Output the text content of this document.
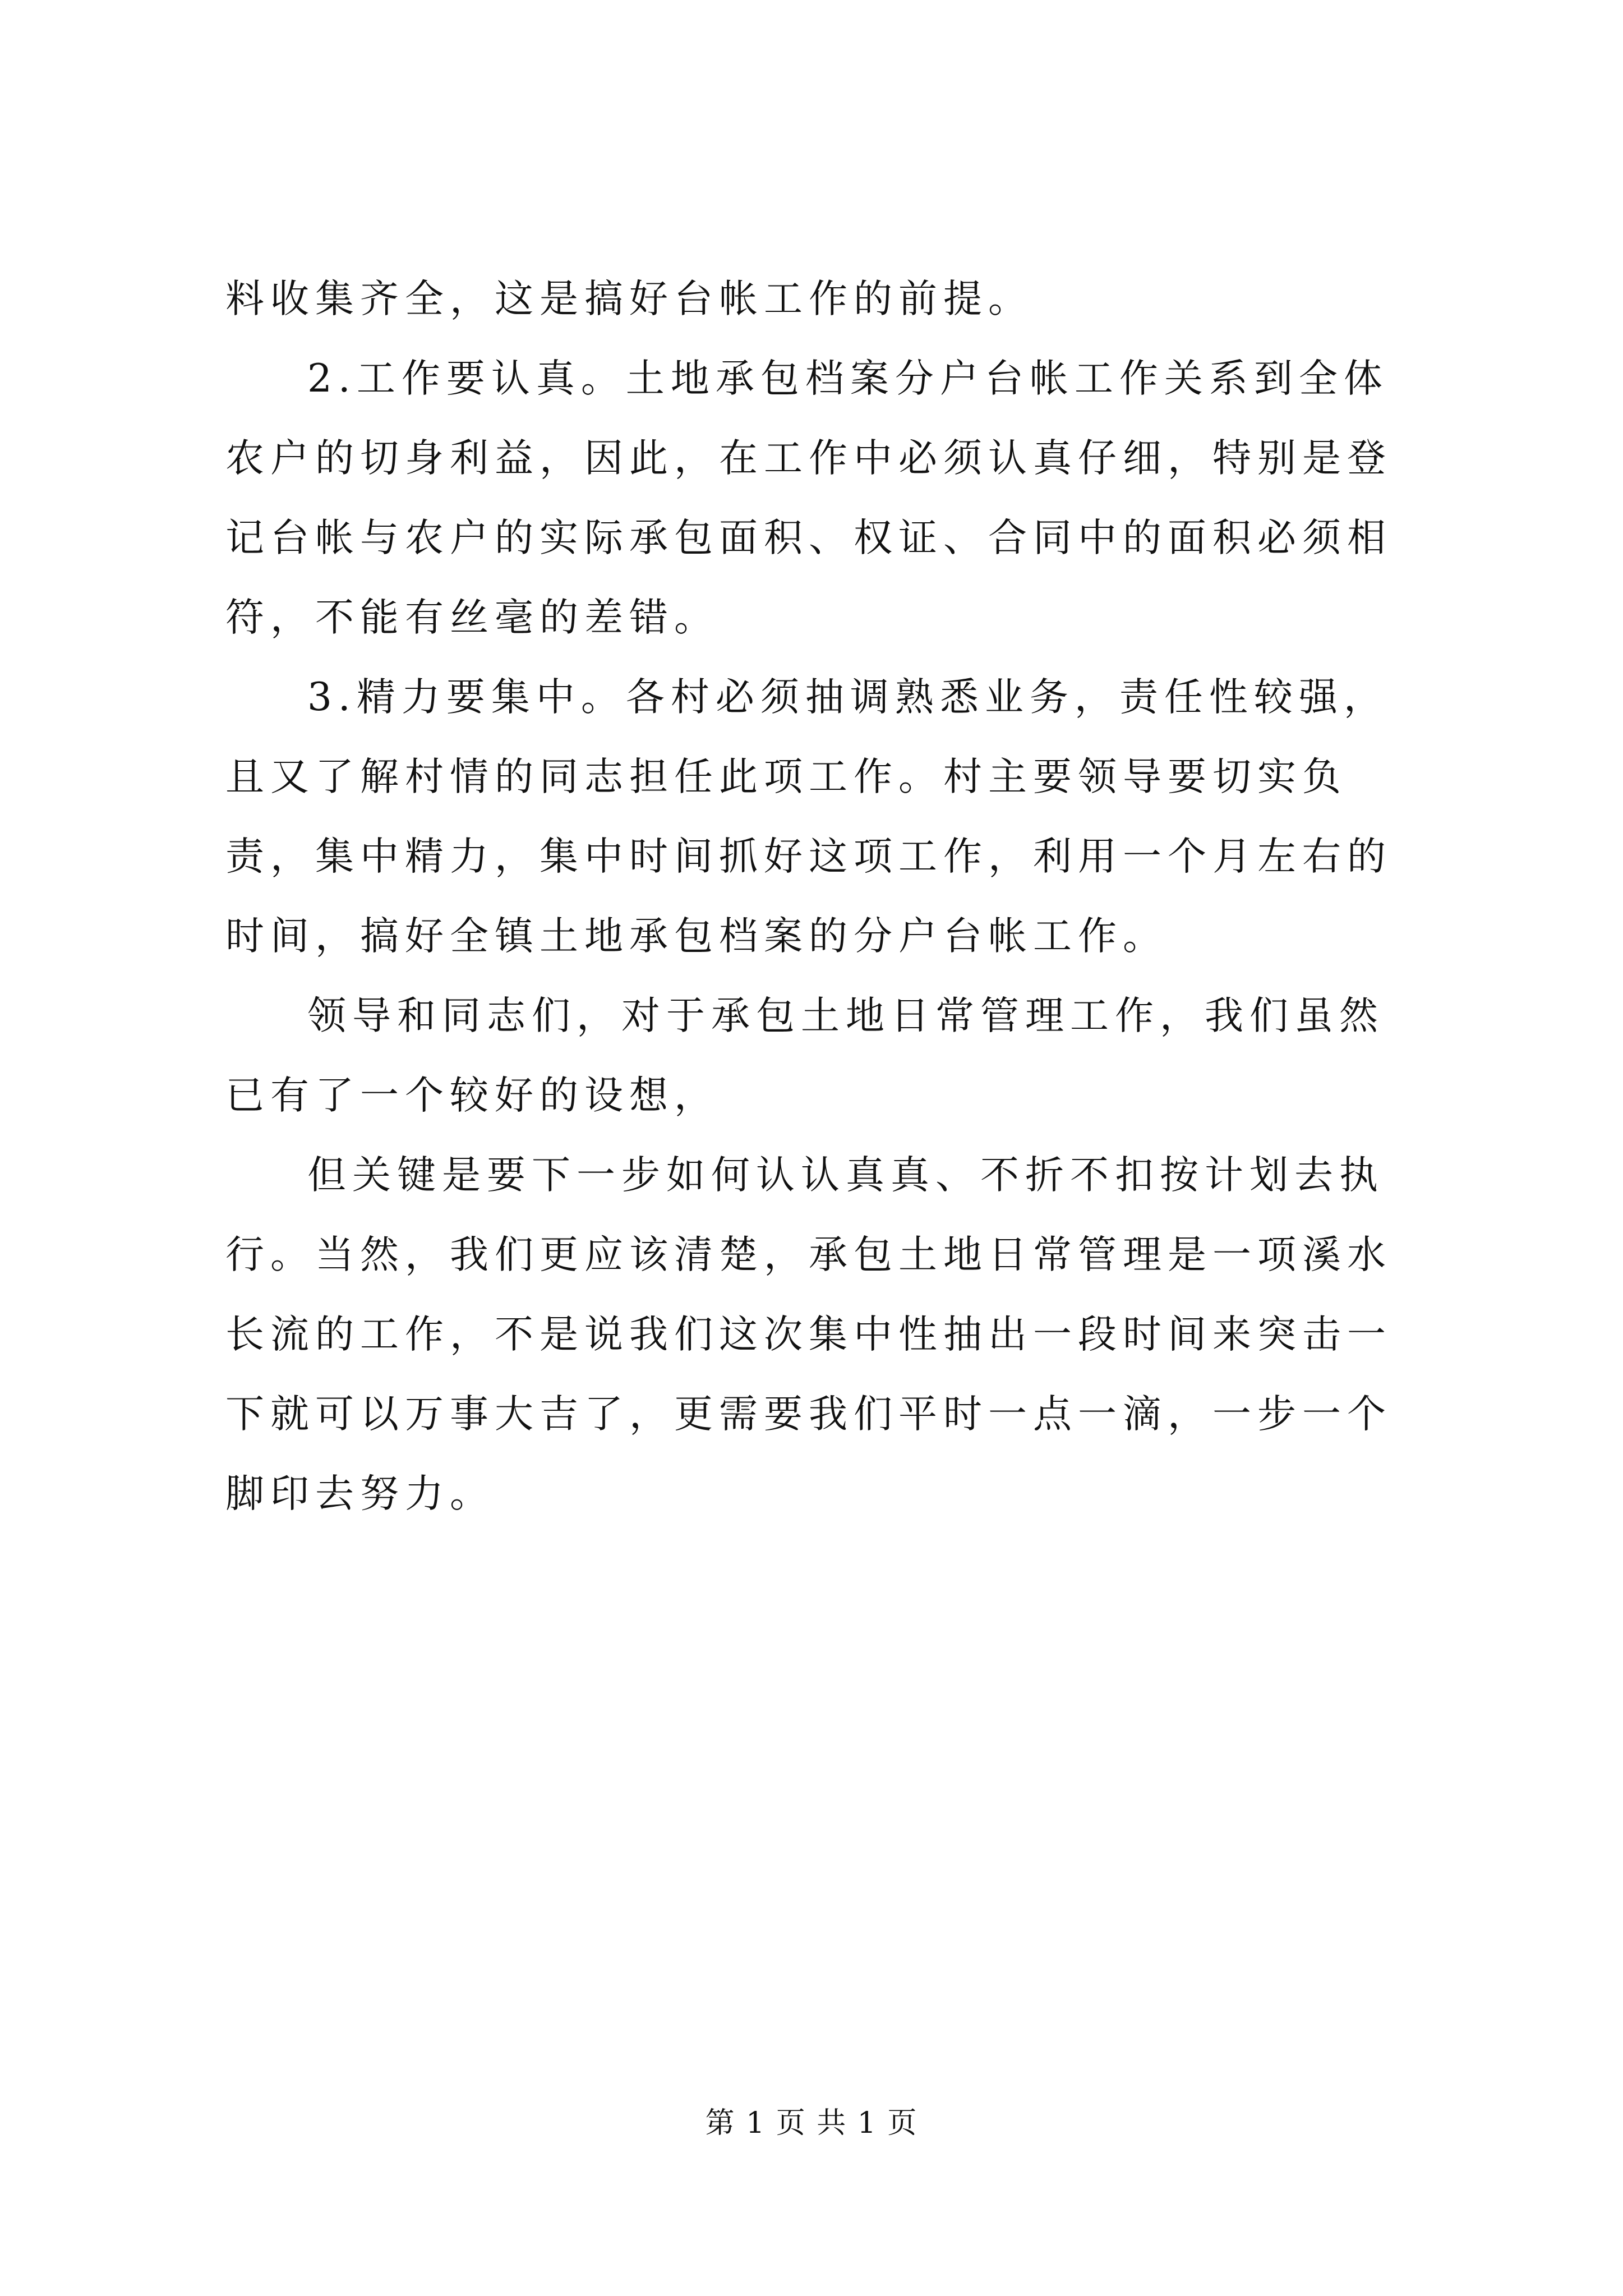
料收集齐全，这是搞好台帐工作的前提。

2.工作要认真。土地承包档案分户台帐工作关系到全体农户的切身利益，因此，在工作中必须认真仔细，特别是登记台帐与农户的实际承包面积、权证、合同中的面积必须相符，不能有丝毫的差错。

3.精力要集中。各村必须抽调熟悉业务，责任性较强，且又了解村情的同志担任此项工作。村主要领导要切实负责，集中精力，集中时间抓好这项工作，利用一个月左右的时间，搞好全镇土地承包档案的分户台帐工作。

领导和同志们，对于承包土地日常管理工作，我们虽然已有了一个较好的设想，

但关键是要下一步如何认认真真、不折不扣按计划去执行。当然，我们更应该清楚，承包土地日常管理是一项溪水长流的工作，不是说我们这次集中性抽出一段时间来突击一下就可以万事大吉了，更需要我们平时一点一滴，一步一个脚印去努力。

第 1 页 共 1 页
